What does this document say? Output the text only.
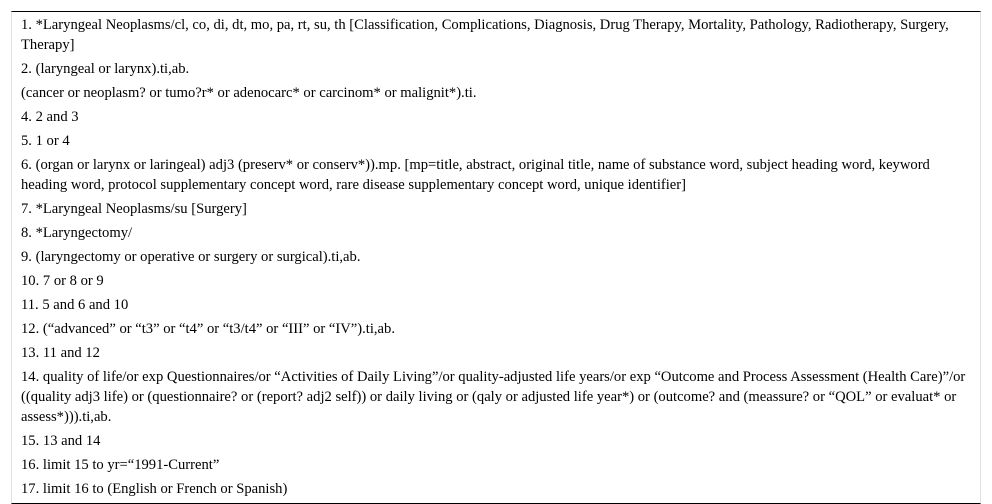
1. *Laryngeal Neoplasms/cl, co, di, dt, mo, pa, rt, su, th [Classification, Complications, Diagnosis, Drug Therapy, Mortality, Pathology, Radiotherapy, Surgery, Therapy]
2. (laryngeal or larynx).ti,ab.
(cancer or neoplasm? or tumo?r* or adenocarc* or carcinom* or malignit*).ti.
4. 2 and 3
5. 1 or 4
6. (organ or larynx or laringeal) adj3 (preserv* or conserv*)).mp. [mp=title, abstract, original title, name of substance word, subject heading word, keyword heading word, protocol supplementary concept word, rare disease supplementary concept word, unique identifier]
7. *Laryngeal Neoplasms/su [Surgery]
8. *Laryngectomy/
9. (laryngectomy or operative or surgery or surgical).ti,ab.
10. 7 or 8 or 9
11. 5 and 6 and 10
12. (“advanced” or “t3” or “t4” or “t3/t4” or “III” or “IV”).ti,ab.
13. 11 and 12
14. quality of life/or exp Questionnaires/or “Activities of Daily Living”/or quality-adjusted life years/or exp “Outcome and Process Assessment (Health Care)”/or ((quality adj3 life) or (questionnaire? or (report? adj2 self)) or daily living or (qaly or adjusted life year*) or (outcome? and (meassure? or “QOL” or evaluat* or assess*))).ti,ab.
15. 13 and 14
16. limit 15 to yr=“1991-Current”
17. limit 16 to (English or French or Spanish)
